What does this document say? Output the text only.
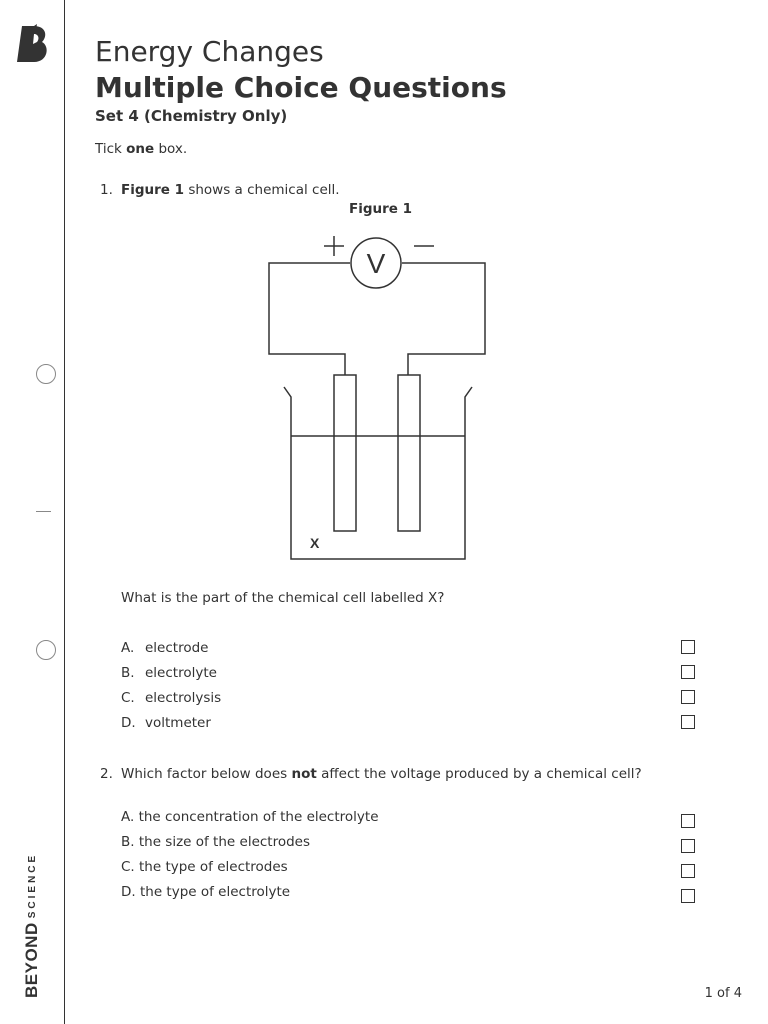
BEYONDSCIENCE
Energy Changes
Multiple Choice Questions
Set 4 (Chemistry Only)
Tick one box.
1. Figure 1 shows a chemical cell.
Figure 1
V
X
What is the part of the chemical cell labelled X?
A. electrode
B. electrolyte
C. electrolysis
D. voltmeter
2. Which factor below does not affect the voltage produced by a chemical cell?
A. the concentration of the electrolyte
B. the size of the electrodes
C. the type of electrodes
D. the type of electrolyte
1 of 4
